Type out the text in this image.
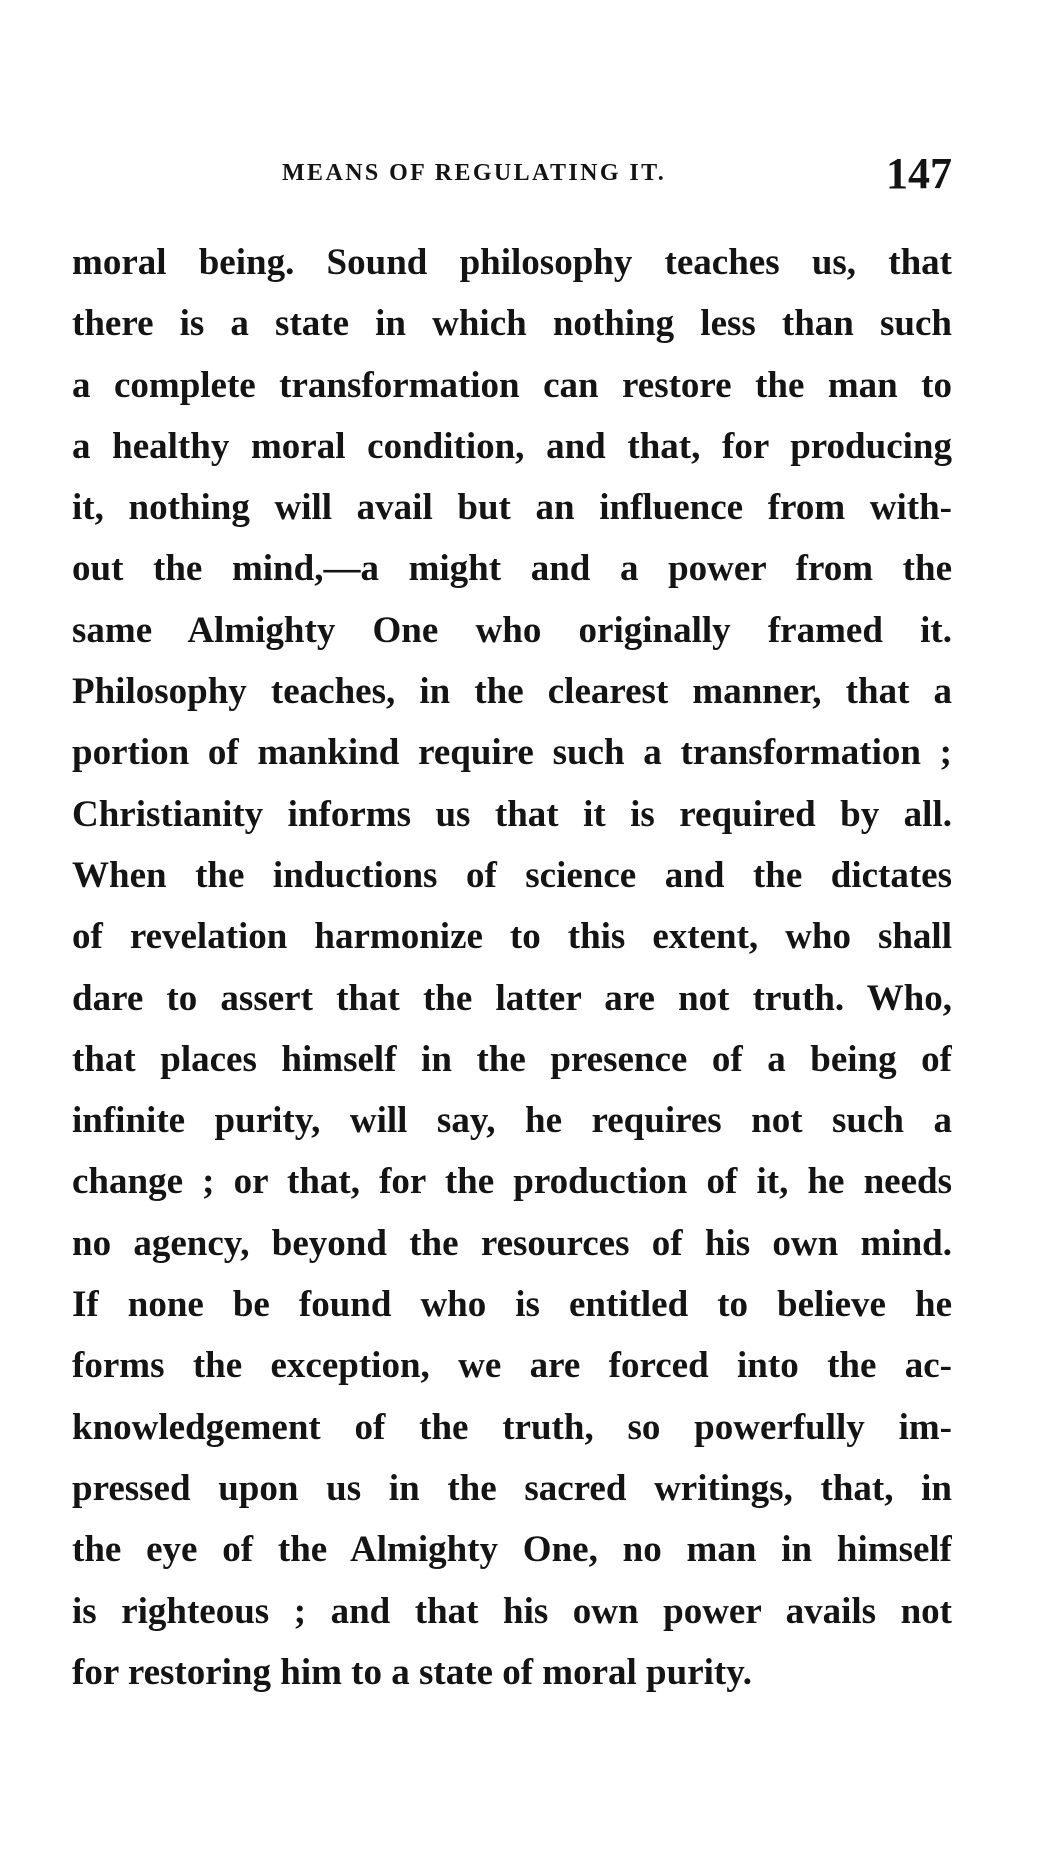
MEANS OF REGULATING IT.	147
moral being. Sound philosophy teaches us, that
there is a state in which nothing less than such
a complete transformation can restore the man to
a healthy moral condition, and that, for producing
it, nothing will avail but an influence from with-
out the mind,—a might and a power from the
same Almighty One who originally framed it.
Philosophy teaches, in the clearest manner, that a
portion of mankind require such a transformation ;
Christianity informs us that it is required by all.
When the inductions of science and the dictates
of revelation harmonize to this extent, who shall
dare to assert that the latter are not truth. Who,
that places himself in the presence of a being of
infinite purity, will say, he requires not such a
change ; or that, for the production of it, he needs
no agency, beyond the resources of his own mind.
If none be found who is entitled to believe he
forms the exception, we are forced into the ac-
knowledgement of the truth, so powerfully im-
pressed upon us in the sacred writings, that, in
the eye of the Almighty One, no man in himself
is righteous ; and that his own power avails not
for restoring him to a state of moral purity.
